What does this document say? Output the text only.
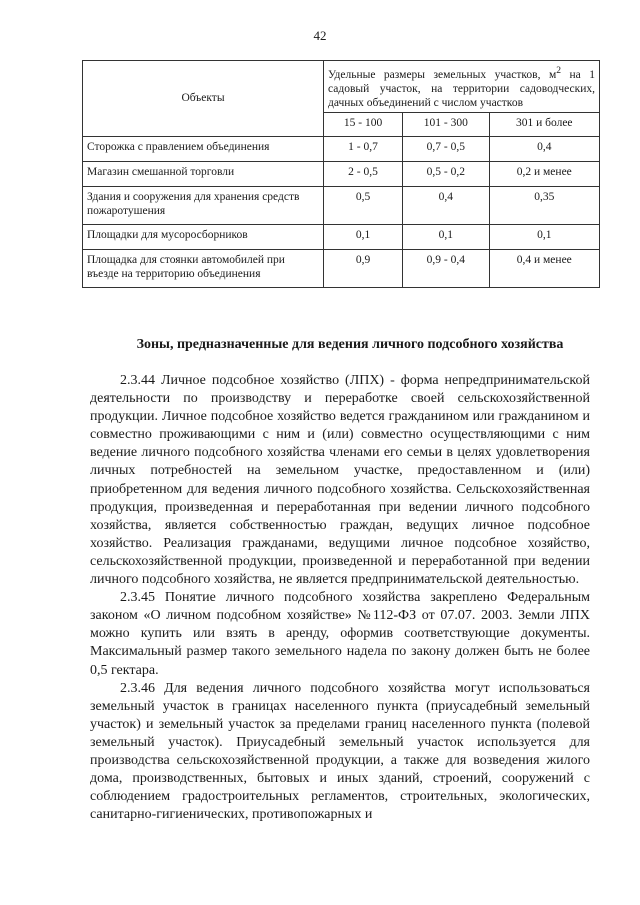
42
Объекты	Удельные размеры земельных участков, $м^2$ на 1 садовый участок, на территории садоводческих, дачных объединений с числом участков		
	15 - 100	101 - 300	301 и более
Сторожка с правлением объединения	1 - 0,7	0,7 - 0,5	0,4
Магазин смешанной торговли	2 - 0,5	0,5 - 0,2	0,2 и менее
Здания и сооружения для хранения средств пожаротушения	0,5	0,4	0,35
Площадки для мусоросборников	0,1	0,1	0,1
Площадка для стоянки автомобилей при въезде на территорию объединения	0,9	0,9 - 0,4	0,4 и менее
Зоны, предназначенные для ведения личного подсобного хозяйства

2.3.44 Личное подсобное хозяйство (ЛПХ) - форма непредпринимательской деятельности по производству и переработке своей сельскохозяйственной продукции. Личное подсобное хозяйство ведется гражданином или гражданином и совместно проживающими с ним и (или) совместно осуществляющими с ним ведение личного подсобного хозяйства членами его семьи в целях удовлетворения личных потребностей на земельном участке, предоставленном и (или) приобретенном для ведения личного подсобного хозяйства. Сельскохозяйственная продукция, произведенная и переработанная при ведении личного подсобного хозяйства, является собственностью граждан, ведущих личное подсобное хозяйство. Реализация гражданами, ведущими личное подсобное хозяйство, сельскохозяйственной продукции, произведенной и переработанной при ведении личного подсобного хозяйства, не является предпринимательской деятельностью.

2.3.45 Понятие личного подсобного хозяйства закреплено Федеральным законом «О личном подсобном хозяйстве» №112-ФЗ от 07.07. 2003. Земли ЛПХ можно купить или взять в аренду, оформив соответствующие документы. Максимальный размер такого земельного надела по закону должен быть не более 0,5 гектара.

2.3.46 Для ведения личного подсобного хозяйства могут использоваться земельный участок в границах населенного пункта (приусадебный земельный участок) и земельный участок за пределами границ населенного пункта (полевой земельный участок). Приусадебный земельный участок используется для производства сельскохозяйственной продукции, а также для возведения жилого дома, производственных, бытовых и иных зданий, строений, сооружений с соблюдением градостроительных регламентов, строительных, экологических, санитарно-гигиенических, противопожарных и
